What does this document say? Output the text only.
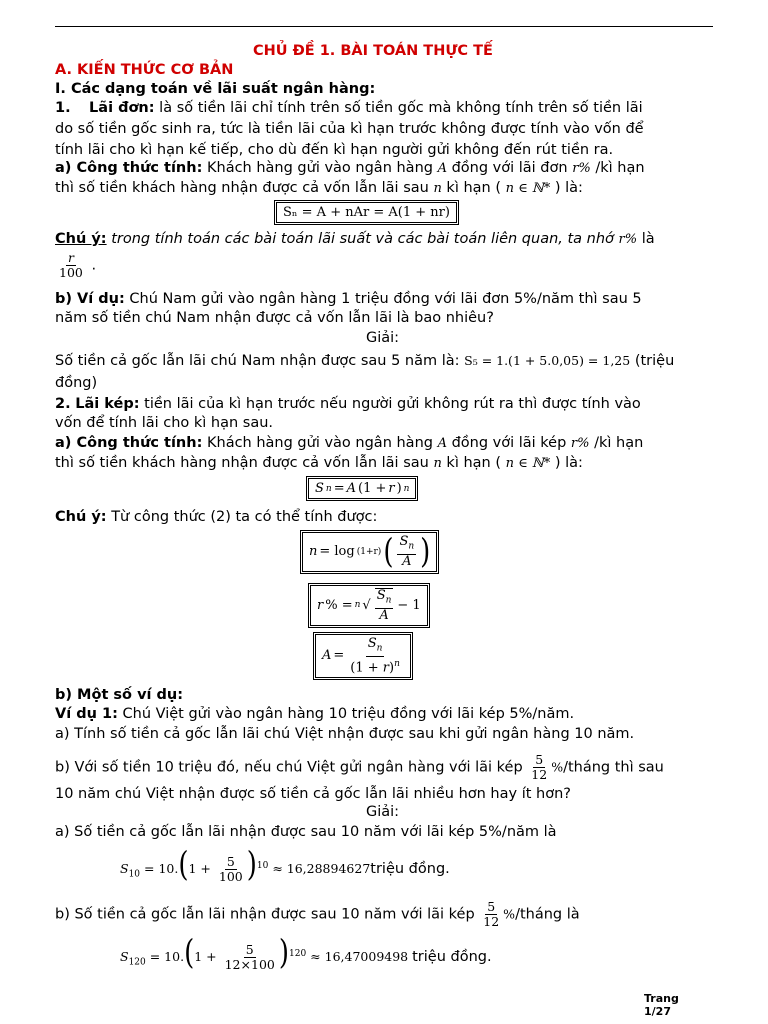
CHỦ ĐỀ 1. BÀI TOÁN THỰC TẾ
A. KIẾN THỨC CƠ BẢN
I. Các dạng toán về lãi suất ngân hàng:
1. Lãi đơn: là số tiền lãi chỉ tính trên số tiền gốc mà không tính trên số tiền lãi
do số tiền gốc sinh ra, tức là tiền lãi của kì hạn trước không được tính vào vốn để
tính lãi cho kì hạn kế tiếp, cho dù đến kì hạn người gửi không đến rút tiền ra.
a) Công thức tính: Khách hàng gửi vào ngân hàng A đồng với lãi đơn r% /kì hạn
thì số tiền khách hàng nhận được cả vốn lẫn lãi sau n kì hạn ( n ∈ ℕ* ) là:
Sₙ = A + nAr = A(1 + nr)
Chú ý: trong tính toán các bài toán lãi suất và các bài toán liên quan, ta nhớ r% là
$\frac{r}{100}$ .
b) Ví dụ: Chú Nam gửi vào ngân hàng 1 triệu đồng với lãi đơn 5%/năm thì sau 5
năm số tiền chú Nam nhận được cả vốn lẫn lãi là bao nhiêu?
Giải:
Số tiền cả gốc lẫn lãi chú Nam nhận được sau 5 năm là: S₅ = 1.(1 + 5.0,05) = 1,25 (triệu
đồng)
2. Lãi kép: tiền lãi của kì hạn trước nếu người gửi không rút ra thì được tính vào
vốn để tính lãi cho kì hạn sau.
a) Công thức tính: Khách hàng gửi vào ngân hàng A đồng với lãi kép r% /kì hạn
thì số tiền khách hàng nhận được cả vốn lẫn lãi sau n kì hạn ( n ∈ ℕ* ) là:
S n = A (1 + r ) n
Chú ý: Từ công thức (2) ta có thể tính được:
n = log (1+r) ( $\frac{S_n}{A}$ )
r % = n √ $\frac{S_n}{A} - 1$
$A = \frac{S_n}{(1 + r)^n}$
b) Một số ví dụ:
Ví dụ 1: Chú Việt gửi vào ngân hàng 10 triệu đồng với lãi kép 5%/năm.
a) Tính số tiền cả gốc lẫn lãi chú Việt nhận được sau khi gửi ngân hàng 10 năm.
b) Với số tiền 10 triệu đó, nếu chú Việt gửi ngân hàng với lãi kép $\frac{5}{12}$ %/tháng thì sau
10 năm chú Việt nhận được số tiền cả gốc lẫn lãi nhiều hơn hay ít hơn?
Giải:
a) Số tiền cả gốc lẫn lãi nhận được sau 10 năm với lãi kép 5%/năm là
$S_{10} = 10.(1 + \frac{5}{100} )^{10}$ ≈ 16,28894627triệu đồng.
b) Số tiền cả gốc lẫn lãi nhận được sau 10 năm với lãi kép $\frac{5}{12}$ %/tháng là
$S_{120} = 10.(1 + \frac{5}{12\times 100} )^{120} \approx 16,47009498$ triệu đồng.
Trang
1/27
